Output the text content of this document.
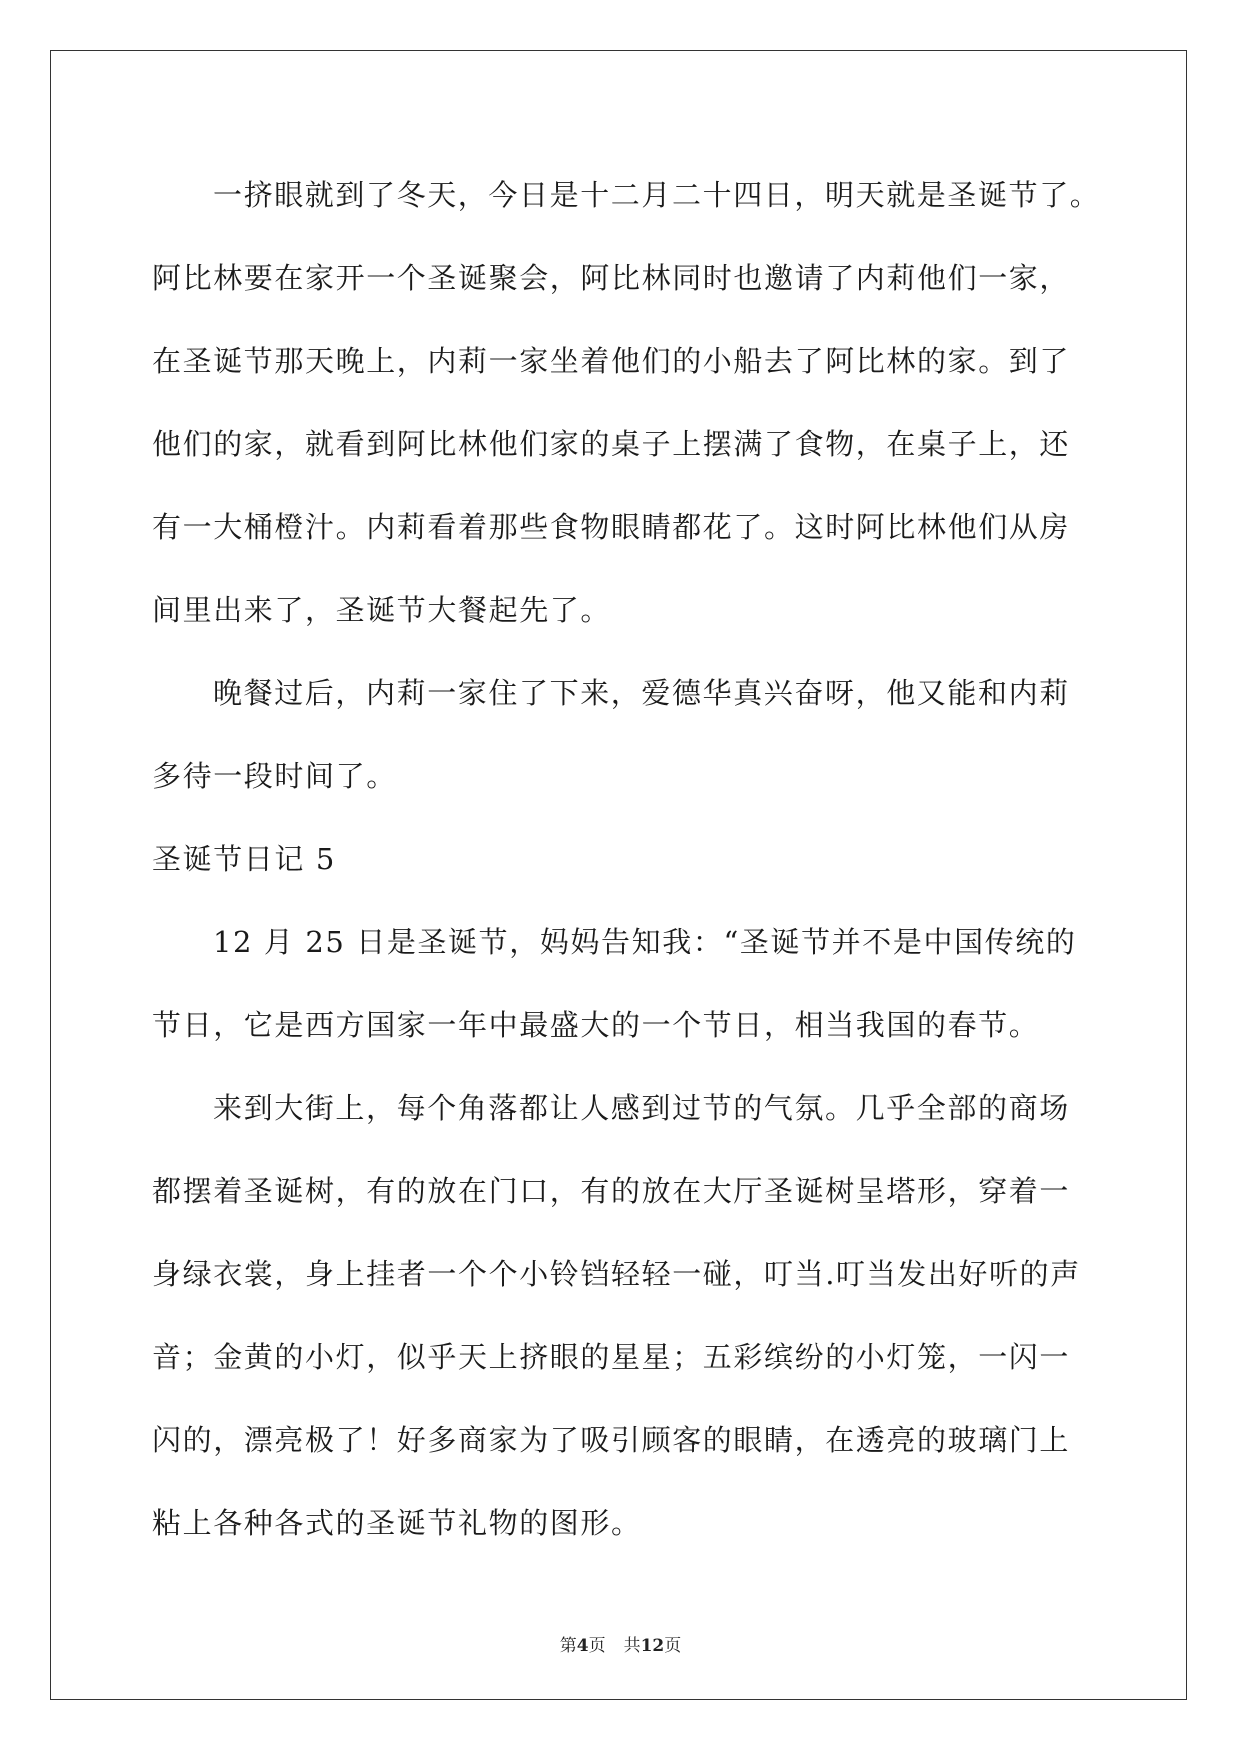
一挤眼就到了冬天，今日是十二月二十四日，明天就是圣诞节了。
阿比林要在家开一个圣诞聚会，阿比林同时也邀请了内莉他们一家，
在圣诞节那天晚上，内莉一家坐着他们的小船去了阿比林的家。到了
他们的家，就看到阿比林他们家的桌子上摆满了食物，在桌子上，还
有一大桶橙汁。内莉看着那些食物眼睛都花了。这时阿比林他们从房
间里出来了，圣诞节大餐起先了。
晚餐过后，内莉一家住了下来，爱德华真兴奋呀，他又能和内莉
多待一段时间了。
圣诞节日记 5
12 月 25 日是圣诞节，妈妈告知我：“圣诞节并不是中国传统的
节日，它是西方国家一年中最盛大的一个节日，相当我国的春节。
来到大街上，每个角落都让人感到过节的气氛。几乎全部的商场
都摆着圣诞树，有的放在门口，有的放在大厅圣诞树呈塔形，穿着一
身绿衣裳，身上挂者一个个小铃铛轻轻一碰，叮当.叮当发出好听的声
音；金黄的小灯，似乎天上挤眼的星星；五彩缤纷的小灯笼，一闪一
闪的，漂亮极了！好多商家为了吸引顾客的眼睛，在透亮的玻璃门上
粘上各种各式的圣诞节礼物的图形。
第4页 共12页
